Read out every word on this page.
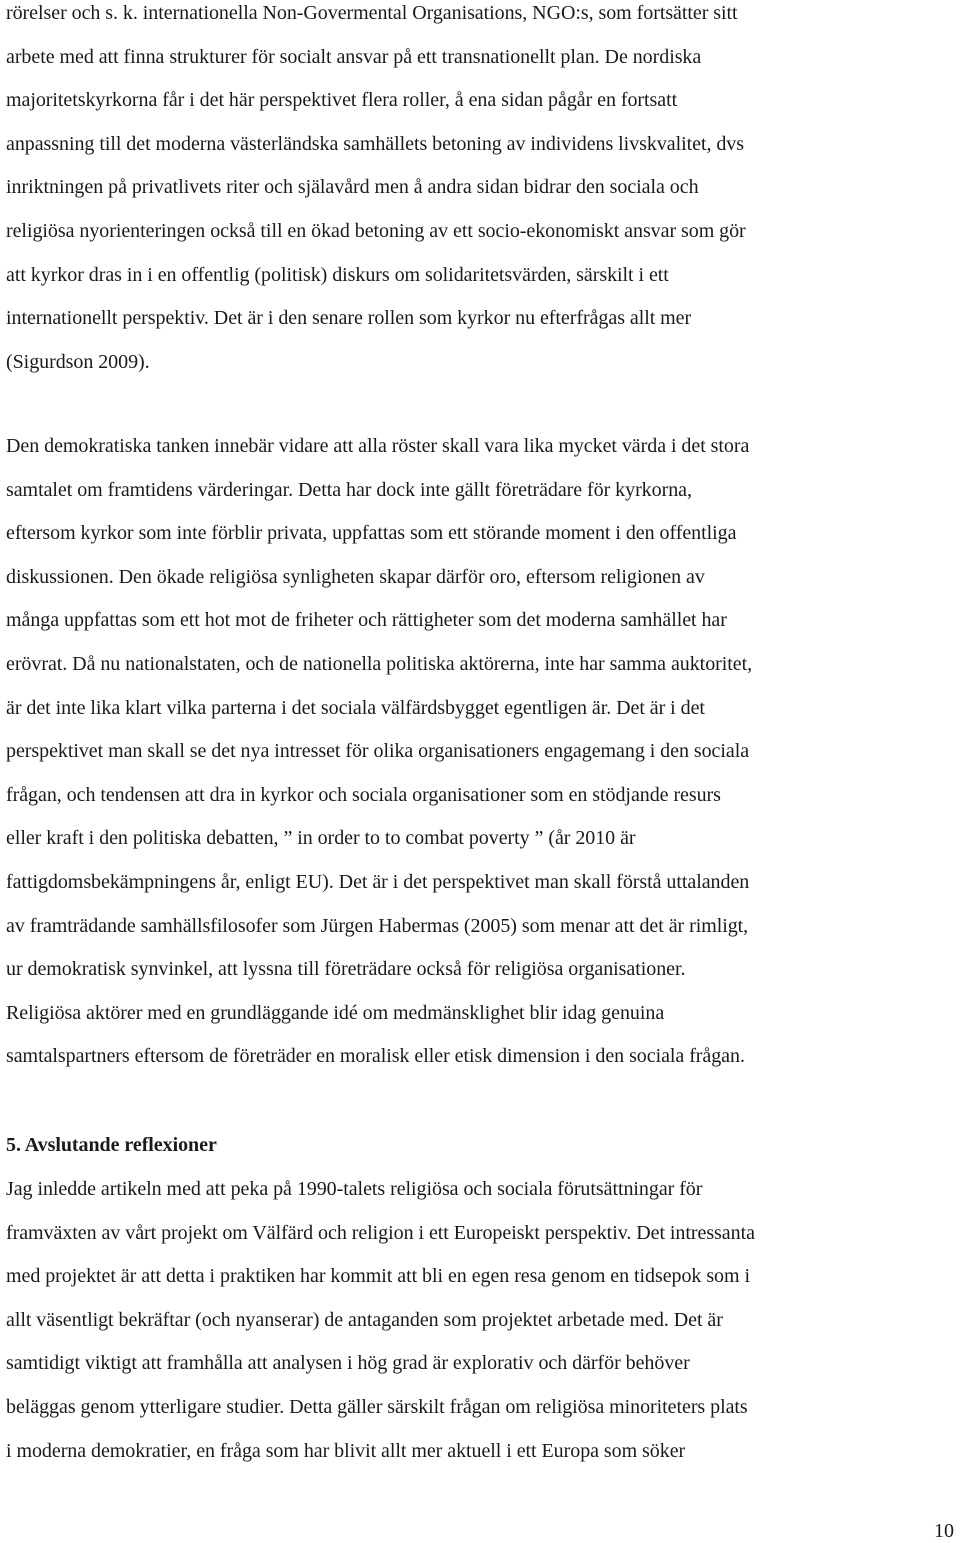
rörelser och s. k. internationella Non-Govermental Organisations, NGO:s, som fortsätter sitt
arbete med att finna strukturer för socialt ansvar på ett transnationellt plan. De nordiska
majoritetskyrkorna får i det här perspektivet flera roller, å ena sidan pågår en fortsatt
anpassning till det moderna västerländska samhällets betoning av individens livskvalitet, dvs
inriktningen på privatlivets riter och själavård men å andra sidan bidrar den sociala och
religiösa nyorienteringen också till en ökad betoning av ett socio-ekonomiskt ansvar som gör
att kyrkor dras in i en offentlig (politisk) diskurs om solidaritetsvärden, särskilt i ett
internationellt perspektiv. Det är i den senare rollen som kyrkor nu efterfrågas allt mer
(Sigurdson 2009).
Den demokratiska tanken innebär vidare att alla röster skall vara lika mycket värda i det stora
samtalet om framtidens värderingar. Detta har dock inte gällt företrädare för kyrkorna,
eftersom kyrkor som inte förblir privata, uppfattas som ett störande moment i den offentliga
diskussionen. Den ökade religiösa synligheten skapar därför oro, eftersom religionen av
många uppfattas som ett hot mot de friheter och rättigheter som det moderna samhället har
erövrat. Då nu nationalstaten, och de nationella politiska aktörerna, inte har samma auktoritet,
är det inte lika klart vilka parterna i det sociala välfärdsbygget egentligen är. Det är i det
perspektivet man skall se det nya intresset för olika organisationers engagemang i den sociala
frågan, och tendensen att dra in kyrkor och sociala organisationer som en stödjande resurs
eller kraft i den politiska debatten, ” in order to to combat poverty ” (år 2010 är
fattigdomsbekämpningens år, enligt EU). Det är i det perspektivet man skall förstå uttalanden
av framträdande samhällsfilosofer som Jürgen Habermas (2005) som menar att det är rimligt,
ur demokratisk synvinkel, att lyssna till företrädare också för religiösa organisationer.
Religiösa aktörer med en grundläggande idé om medmänsklighet blir idag genuina
samtalspartners eftersom de företräder en moralisk eller etisk dimension i den sociala frågan.
5. Avslutande reflexioner
Jag inledde artikeln med att peka på 1990-talets religiösa och sociala förutsättningar för
framväxten av vårt projekt om Välfärd och religion i ett Europeiskt perspektiv. Det intressanta
med projektet är att detta i praktiken har kommit att bli en egen resa genom en tidsepok som i
allt väsentligt bekräftar (och nyanserar) de antaganden som projektet arbetade med. Det är
samtidigt viktigt att framhålla att analysen i hög grad är explorativ och därför behöver
beläggas genom ytterligare studier. Detta gäller särskilt frågan om religiösa minoriteters plats
i moderna demokratier, en fråga som har blivit allt mer aktuell i ett Europa som söker
10
